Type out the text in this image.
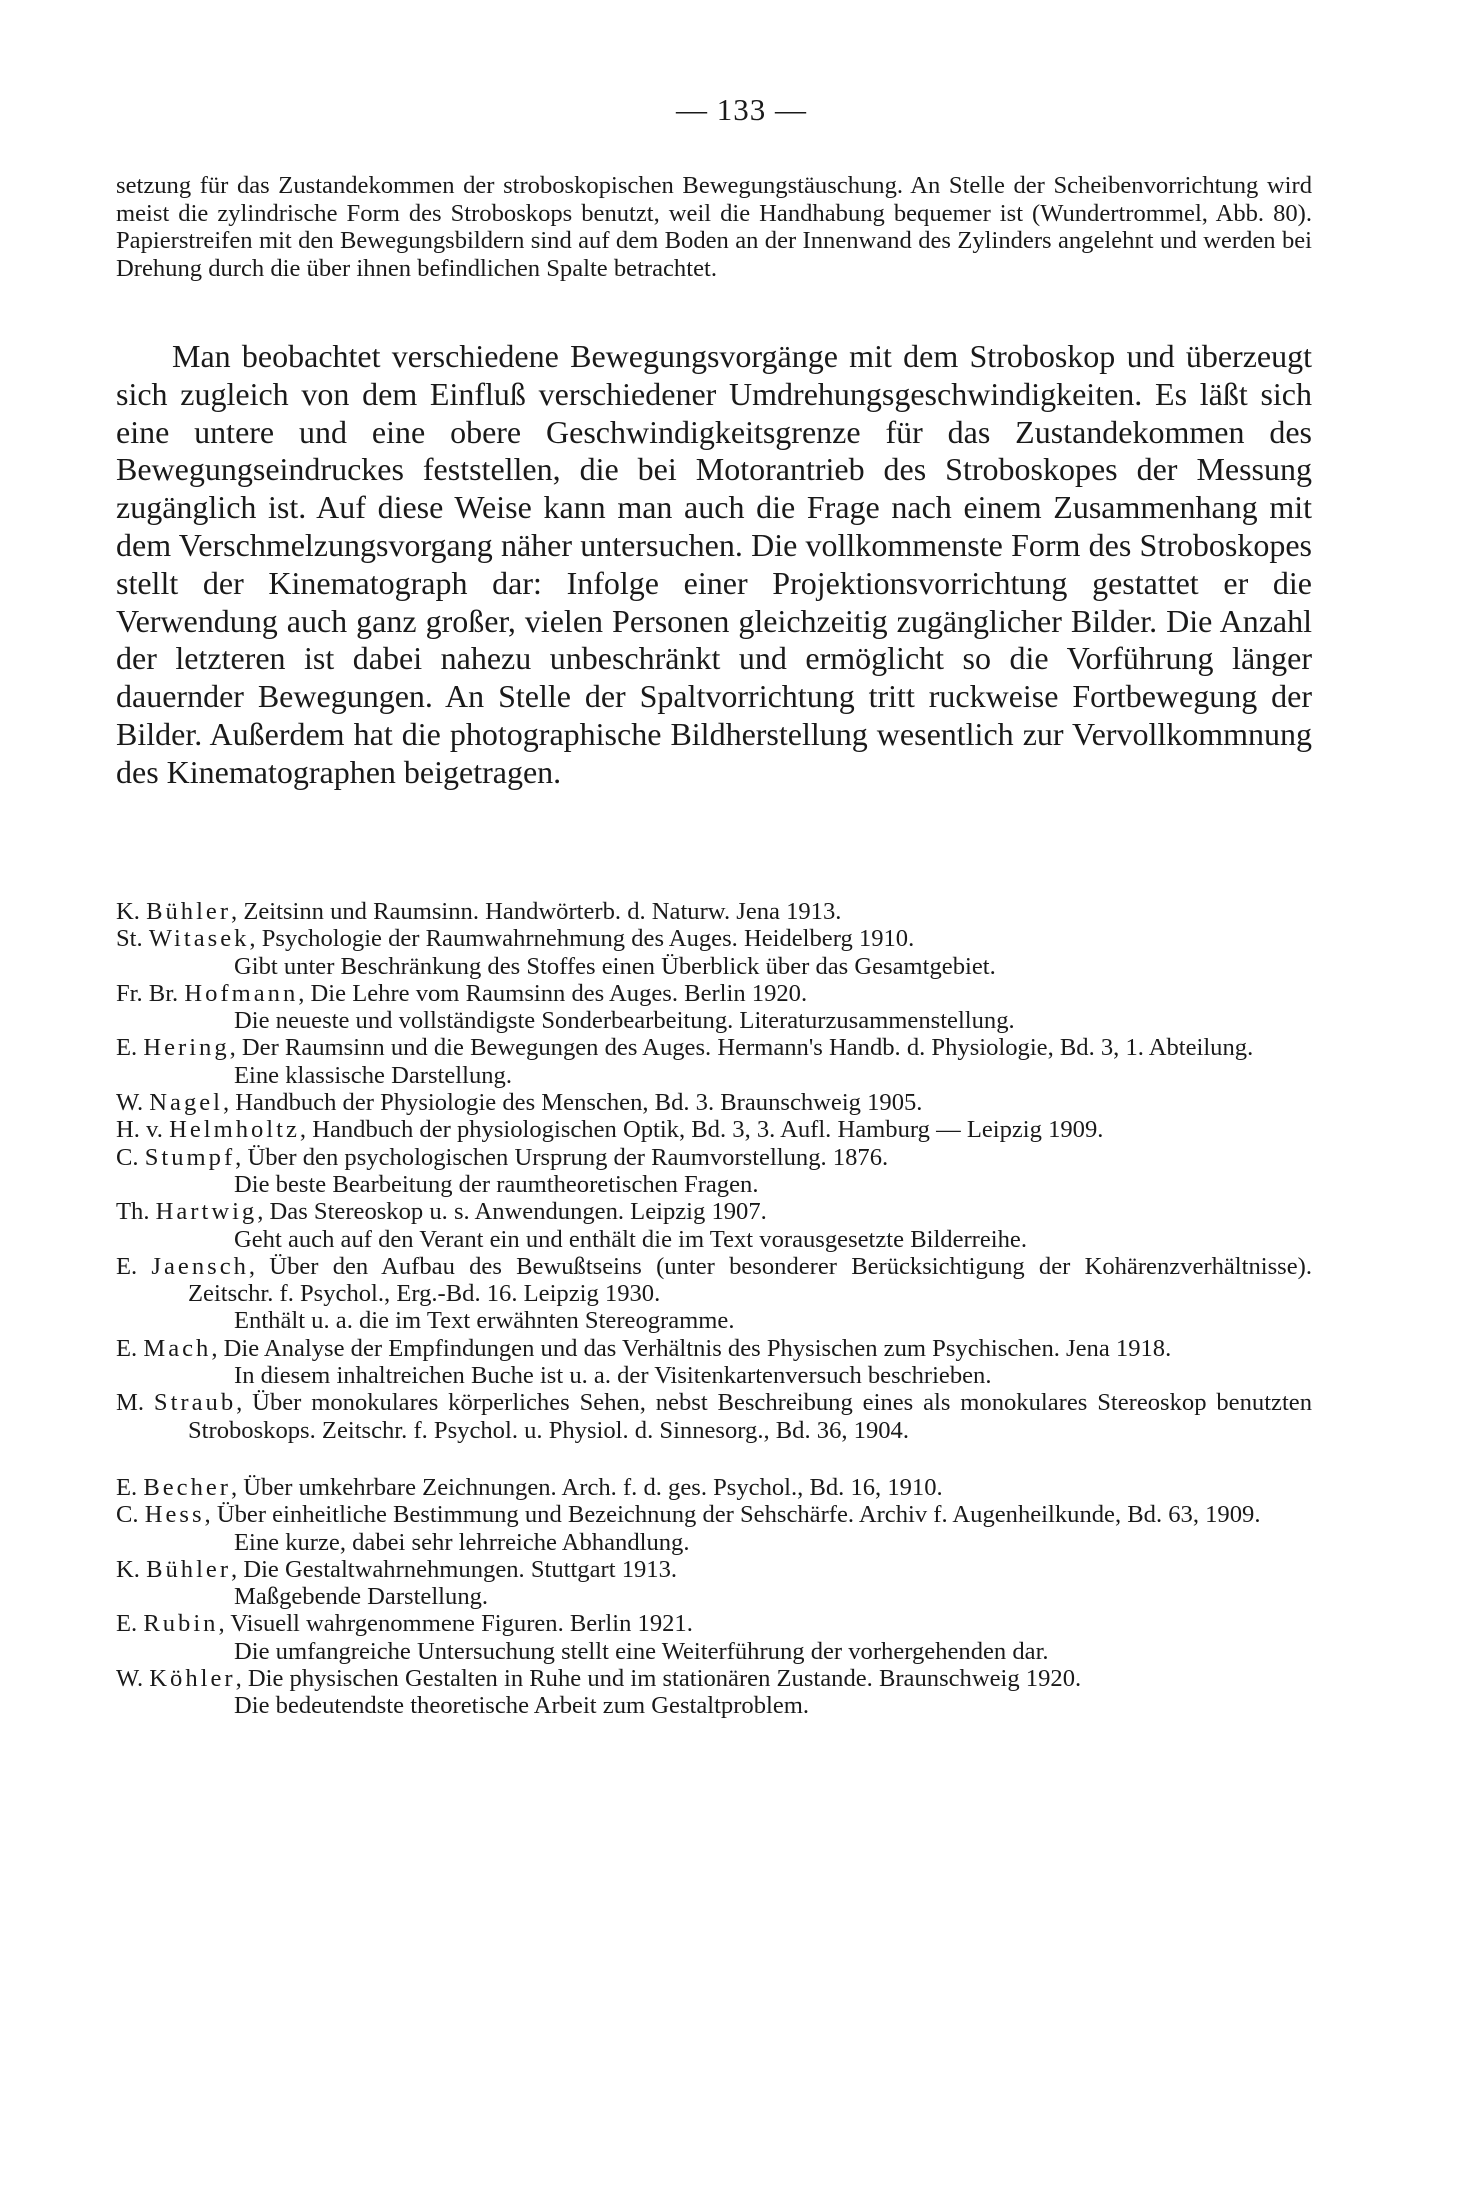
— 133 —

setzung für das Zustandekommen der stroboskopischen Bewegungstäuschung. An Stelle der Scheibenvorrichtung wird meist die zylindrische Form des Stroboskops benutzt, weil die Handhabung bequemer ist (Wundertrommel, Abb. 80). Papierstreifen mit den Bewegungsbildern sind auf dem Boden an der Innenwand des Zylinders angelehnt und werden bei Drehung durch die über ihnen befindlichen Spalte betrachtet.

Man beobachtet verschiedene Bewegungsvorgänge mit dem Stroboskop und überzeugt sich zugleich von dem Einfluß verschiedener Umdrehungsgeschwindigkeiten. Es läßt sich eine untere und eine obere Geschwindigkeitsgrenze für das Zustandekommen des Bewegungseindruckes feststellen, die bei Motorantrieb des Stroboskopes der Messung zugänglich ist. Auf diese Weise kann man auch die Frage nach einem Zusammenhang mit dem Verschmelzungsvorgang näher untersuchen. Die vollkommenste Form des Stroboskopes stellt der Kinematograph dar: Infolge einer Projektionsvorrichtung gestattet er die Verwendung auch ganz großer, vielen Personen gleichzeitig zugänglicher Bilder. Die Anzahl der letzteren ist dabei nahezu unbeschränkt und ermöglicht so die Vorführung länger dauernder Bewegungen. An Stelle der Spaltvorrichtung tritt ruckweise Fortbewegung der Bilder. Außerdem hat die photographische Bildherstellung wesentlich zur Vervollkommnung des Kinematographen beigetragen.

K. Bühler, Zeitsinn und Raumsinn. Handwörterb. d. Naturw. Jena 1913.
St. Witasek, Psychologie der Raumwahrnehmung des Auges. Heidelberg 1910.
Gibt unter Beschränkung des Stoffes einen Überblick über das Gesamtgebiet.
Fr. Br. Hofmann, Die Lehre vom Raumsinn des Auges. Berlin 1920.
Die neueste und vollständigste Sonderbearbeitung. Literaturzusammenstellung.
E. Hering, Der Raumsinn und die Bewegungen des Auges. Hermann's Handb. d. Physiologie, Bd. 3, 1. Abteilung.
Eine klassische Darstellung.
W. Nagel, Handbuch der Physiologie des Menschen, Bd. 3. Braunschweig 1905.
H. v. Helmholtz, Handbuch der physiologischen Optik, Bd. 3, 3. Aufl. Hamburg — Leipzig 1909.
C. Stumpf, Über den psychologischen Ursprung der Raumvorstellung. 1876.
Die beste Bearbeitung der raumtheoretischen Fragen.
Th. Hartwig, Das Stereoskop u. s. Anwendungen. Leipzig 1907.
Geht auch auf den Verant ein und enthält die im Text vorausgesetzte Bilderreihe.
E. Jaensch, Über den Aufbau des Bewußtseins (unter besonderer Berücksichtigung der Kohärenzverhältnisse). Zeitschr. f. Psychol., Erg.-Bd. 16. Leipzig 1930.
Enthält u. a. die im Text erwähnten Stereogramme.
E. Mach, Die Analyse der Empfindungen und das Verhältnis des Physischen zum Psychischen. Jena 1918.
In diesem inhaltreichen Buche ist u. a. der Visitenkartenversuch beschrieben.
M. Straub, Über monokulares körperliches Sehen, nebst Beschreibung eines als monokulares Stereoskop benutzten Stroboskops. Zeitschr. f. Psychol. u. Physiol. d. Sinnesorg., Bd. 36, 1904.
E. Becher, Über umkehrbare Zeichnungen. Arch. f. d. ges. Psychol., Bd. 16, 1910.
C. Hess, Über einheitliche Bestimmung und Bezeichnung der Sehschärfe. Archiv f. Augenheilkunde, Bd. 63, 1909.
Eine kurze, dabei sehr lehrreiche Abhandlung.
K. Bühler, Die Gestaltwahrnehmungen. Stuttgart 1913.
Maßgebende Darstellung.
E. Rubin, Visuell wahrgenommene Figuren. Berlin 1921.
Die umfangreiche Untersuchung stellt eine Weiterführung der vorhergehenden dar.
W. Köhler, Die physischen Gestalten in Ruhe und im stationären Zustande. Braunschweig 1920.
Die bedeutendste theoretische Arbeit zum Gestaltproblem.
